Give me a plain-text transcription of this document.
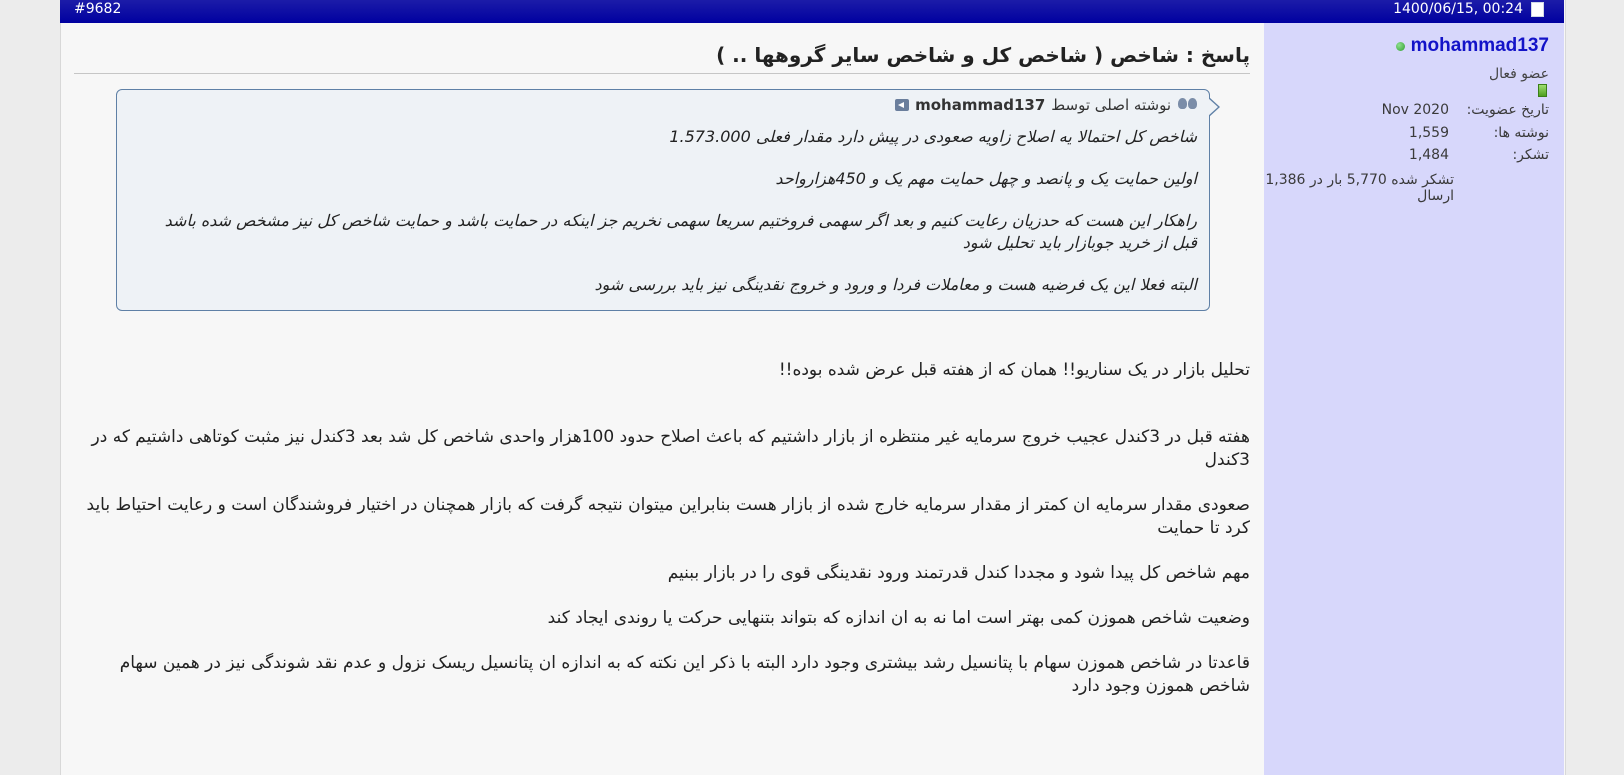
#9682	1400/06/15, 00:24
mohammad137
عضو فعال
تاریخ عضویت:
Nov 2020
نوشته ها:
1,559
تشکر:
1,484
تشکر شده 5,770 بار در 1,386 ارسال
پاسخ : شاخص ( شاخص کل و شاخص سایر گروهها .. )
نوشته اصلی توسط
mohammad137

شاخص کل احتمالا یه اصلاح زاویه صعودی در پیش دارد مقدار فعلی 1.573.000

اولین حمایت یک و پانصد و چهل حمایت مهم یک و 450هزارواحد

راهکار این هست که حدزیان رعایت کنیم و بعد اگر سهمی فروختیم سریعا سهمی نخریم جز اینکه در حمایت باشد و حمایت شاخص کل نیز مشخص شده باشد قبل از خرید جوبازار باید تحلیل شود

البته فعلا این یک فرضیه هست و معاملات فردا و ورود و خروج نقدینگی نیز باید بررسی شود

تحلیل بازار در یک سناریو!! همان که از هفته قبل عرض شده بوده!!

هفته قبل در 3کندل عجیب خروج سرمایه غیر منتظره از بازار داشتیم که باعث اصلاح حدود 100هزار واحدی شاخص کل شد بعد 3کندل نیز مثبت کوتاهی داشتیم که در 3کندل

صعودی مقدار سرمایه ان کمتر از مقدار سرمایه خارج شده از بازار هست بنابراین میتوان نتیجه گرفت که بازار همچنان در اختیار فروشندگان است و رعایت احتیاط باید کرد تا حمایت

مهم شاخص کل پیدا شود و مجددا کندل قدرتمند ورود نقدینگی قوی را در بازار ببنیم

وضعیت شاخص هموزن کمی بهتر است اما نه به ان اندازه که بتواند بتنهایی حرکت یا روندی ایجاد کند

قاعدتا در شاخص هموزن سهام با پتانسیل رشد بیشتری وجود دارد البته با ذکر این نکته که به اندازه ان پتانسیل ریسک نزول و عدم نقد شوندگی نیز در همین سهام شاخص هموزن وجود دارد
